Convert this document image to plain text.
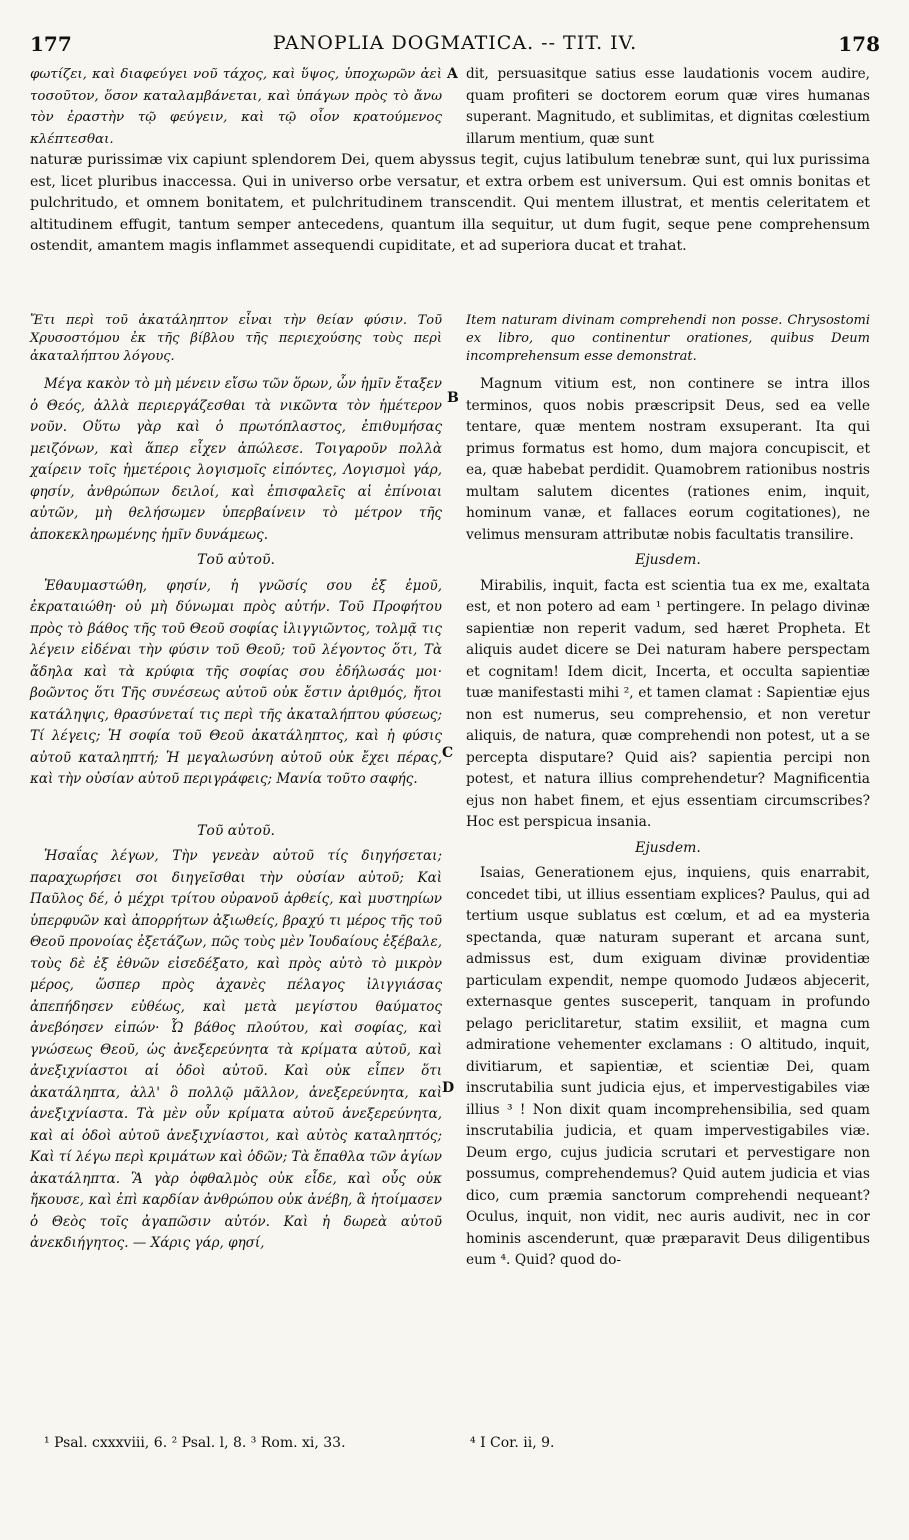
177	PANOPLIA DOGMATICA. -- TIT. IV.	178
φωτίζει, καὶ διαφεύγει νοῦ τάχος, καὶ ὕψος, ὑποχωρῶν ἀεὶ τοσοῦτον, ὅσον καταλαμβάνεται, καὶ ὑπάγων πρὸς τὸ ἄνω τὸν ἐραστὴν τῷ φεύγειν, καὶ τῷ οἷον κρατούμενος κλέπτεσθαι.
A dit, persuasitque satius esse laudationis vocem audire, quam profiteri se doctorem eorum quæ vires humanas superant. Magnitudo, et sublimitas, et dignitas cœlestium illarum mentium, quæ sunt
naturæ purissimæ vix capiunt splendorem Dei, quem abyssus tegit, cujus latibulum tenebræ sunt, qui lux purissima est, licet pluribus inaccessa. Qui in universo orbe versatur, et extra orbem est universum. Qui est omnis bonitas et pulchritudo, et omnem bonitatem, et pulchritudinem transcendit. Qui mentem illustrat, et mentis celeritatem et altitudinem effugit, tantum semper antecedens, quantum illa sequitur, ut dum fugit, seque pene comprehensum ostendit, amantem magis inflammet assequendi cupiditate, et ad superiora ducat et trahat.

Ἔτι περὶ τοῦ ἀκατάληπτον εἶναι τὴν θείαν φύσιν. Τοῦ Χρυσοστόμου ἐκ τῆς βίβλου τῆς περιεχούσης τοὺς περὶ ἀκαταλήπτου λόγους.

Μέγα κακὸν τὸ μὴ μένειν εἴσω τῶν ὅρων, ὧν ἡμῖν ἔταξεν ὁ Θεός, ἀλλὰ περιεργάζεσθαι τὰ νικῶντα τὸν ἡμέτερον νοῦν. Οὕτω γὰρ καὶ ὁ πρωτόπλαστος, ἐπιθυμήσας μειζόνων, καὶ ἅπερ εἶχεν ἀπώλεσε. Τοιγαροῦν πολλὰ χαίρειν τοῖς ἡμετέροις λογισμοῖς εἰπόντες, Λογισμοὶ γάρ, φησίν, ἀνθρώπων δειλοί, καὶ ἐπισφαλεῖς αἱ ἐπίνοιαι αὐτῶν, μὴ θελήσωμεν ὑπερβαίνειν τὸ μέτρον τῆς ἀποκεκληρωμένης ἡμῖν δυνάμεως.

Τοῦ αὐτοῦ.

Ἐθαυμαστώθη, φησίν, ἡ γνῶσίς σου ἐξ ἐμοῦ, ἐκραταιώθη· οὐ μὴ δύνωμαι πρὸς αὐτήν. Τοῦ Προφήτου πρὸς τὸ βάθος τῆς τοῦ Θεοῦ σοφίας ἰλιγγιῶντος, τολμᾷ τις λέγειν εἰδέναι τὴν φύσιν τοῦ Θεοῦ; τοῦ λέγοντος ὅτι, Τὰ ἄδηλα καὶ τὰ κρύφια τῆς σοφίας σου ἐδήλωσάς μοι· βοῶντος ὅτι Τῆς συνέσεως αὐτοῦ οὐκ ἔστιν ἀριθμός, ἤτοι κατάληψις, θρασύνεταί τις περὶ τῆς ἀκαταλήπτου φύσεως; Τί λέγεις; Ἡ σοφία τοῦ Θεοῦ ἀκατάληπτος, καὶ ἡ φύσις αὐτοῦ καταληπτή; Ἡ μεγαλωσύνη αὐτοῦ οὐκ ἔχει πέρας, καὶ τὴν οὐσίαν αὐτοῦ περιγράφεις; Μανία τοῦτο σαφής.

Τοῦ αὐτοῦ.

Ἡσαΐας λέγων, Τὴν γενεὰν αὐτοῦ τίς διηγήσεται; παραχωρήσει σοι διηγεῖσθαι τὴν οὐσίαν αὐτοῦ; Καὶ Παῦλος δέ, ὁ μέχρι τρίτου οὐρανοῦ ἀρθείς, καὶ μυστηρίων ὑπερφυῶν καὶ ἀπορρήτων ἀξιωθείς, βραχύ τι μέρος τῆς τοῦ Θεοῦ προνοίας ἐξετάζων, πῶς τοὺς μὲν Ἰουδαίους ἐξέβαλε, τοὺς δὲ ἐξ ἐθνῶν εἰσεδέξατο, καὶ πρὸς αὐτὸ τὸ μικρὸν μέρος, ὥσπερ πρὸς ἀχανὲς πέλαγος ἰλιγγιάσας ἀπεπήδησεν εὐθέως, καὶ μετὰ μεγίστου θαύματος ἀνεβόησεν εἰπών· Ὦ βάθος πλούτου, καὶ σοφίας, καὶ γνώσεως Θεοῦ, ὡς ἀνεξερεύνητα τὰ κρίματα αὐτοῦ, καὶ ἀνεξιχνίαστοι αἱ ὁδοὶ αὐτοῦ. Καὶ οὐκ εἶπεν ὅτι ἀκατάληπτα, ἀλλ' ὃ πολλῷ μᾶλλον, ἀνεξερεύνητα, καὶ ἀνεξιχνίαστα. Τὰ μὲν οὖν κρίματα αὐτοῦ ἀνεξερεύνητα, καὶ αἱ ὁδοὶ αὐτοῦ ἀνεξιχνίαστοι, καὶ αὐτὸς καταληπτός; Καὶ τί λέγω περὶ κριμάτων καὶ ὁδῶν; Τὰ ἔπαθλα τῶν ἁγίων ἀκατάληπτα. Ἃ γὰρ ὀφθαλμὸς οὐκ εἶδε, καὶ οὖς οὐκ ἤκουσε, καὶ ἐπὶ καρδίαν ἀνθρώπου οὐκ ἀνέβη, ἃ ἡτοίμασεν ὁ Θεὸς τοῖς ἀγαπῶσιν αὐτόν. Καὶ ἡ δωρεὰ αὐτοῦ ἀνεκδιήγητος. — Χάρις γάρ, φησί,

B
C
D

Item naturam divinam comprehendi non posse. Chrysostomi ex libro, quo continentur orationes, quibus Deum incomprehensum esse demonstrat.

Magnum vitium est, non continere se intra illos terminos, quos nobis præscripsit Deus, sed ea velle tentare, quæ mentem nostram exsuperant. Ita qui primus formatus est homo, dum majora concupiscit, et ea, quæ habebat perdidit. Quamobrem rationibus nostris multam salutem dicentes (rationes enim, inquit, hominum vanæ, et fallaces eorum cogitationes), ne velimus mensuram attributæ nobis facultatis transilire.

Ejusdem.

Mirabilis, inquit, facta est scientia tua ex me, exaltata est, et non potero ad eam ¹ pertingere. In pelago divinæ sapientiæ non reperit vadum, sed hæret Propheta. Et aliquis audet dicere se Dei naturam habere perspectam et cognitam! Idem dicit, Incerta, et occulta sapientiæ tuæ manifestasti mihi ², et tamen clamat : Sapientiæ ejus non est numerus, seu comprehensio, et non veretur aliquis, de natura, quæ comprehendi non potest, ut a se percepta disputare? Quid ais? sapientia percipi non potest, et natura illius comprehendetur? Magnificentia ejus non habet finem, et ejus essentiam circumscribes? Hoc est perspicua insania.

Ejusdem.

Isaias, Generationem ejus, inquiens, quis enarrabit, concedet tibi, ut illius essentiam explices? Paulus, qui ad tertium usque sublatus est cœlum, et ad ea mysteria spectanda, quæ naturam superant et arcana sunt, admissus est, dum exiguam divinæ providentiæ particulam expendit, nempe quomodo Judæos abjecerit, externasque gentes susceperit, tanquam in profundo pelago periclitaretur, statim exsiliit, et magna cum admiratione vehementer exclamans : O altitudo, inquit, divitiarum, et sapientiæ, et scientiæ Dei, quam inscrutabilia sunt judicia ejus, et impervestigabiles viæ illius ³ ! Non dixit quam incomprehensibilia, sed quam inscrutabilia judicia, et quam impervestigabiles viæ. Deum ergo, cujus judicia scrutari et pervestigare non possumus, comprehendemus? Quid autem judicia et vias dico, cum præmia sanctorum comprehendi nequeant? Oculus, inquit, non vidit, nec auris audivit, nec in cor hominis ascenderunt, quæ præparavit Deus diligentibus eum ⁴. Quid? quod do-

¹ Psal. cxxxviii, 6. ² Psal. l, 8. ³ Rom. xi, 33.	⁴ I Cor. ii, 9.
